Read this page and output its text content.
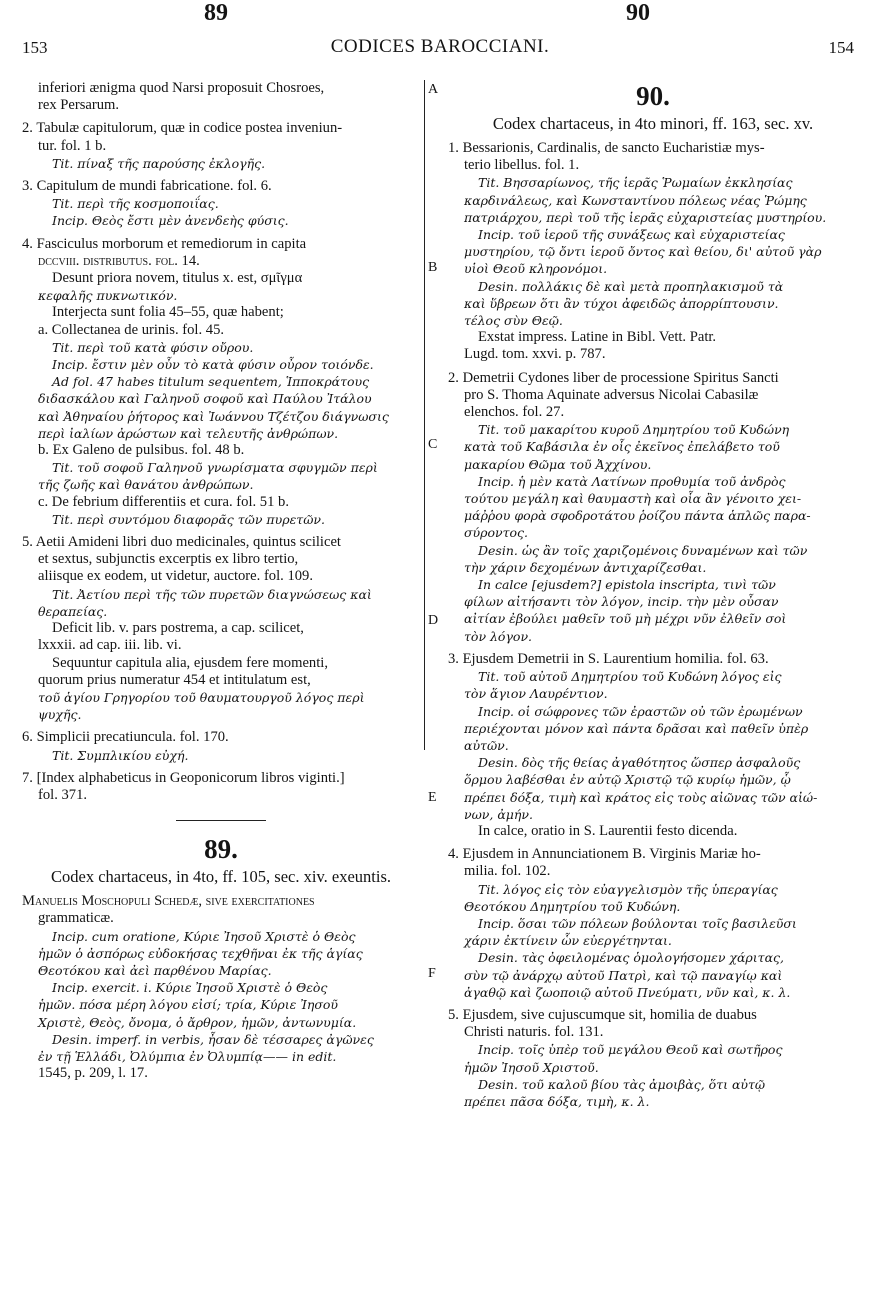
89	90
153	CODICES BAROCCIANI.	154
A
B
C
D
E
F

inferiori ænigma quod Narsi proposuit Chosroes,

rex Persarum.

2. Tabulæ capitulorum, quæ in codice postea inveniun-

tur. fol. 1 b.

Tit. πίναξ τῆς παρούσης ἐκλογῆς.

3. Capitulum de mundi fabricatione. fol. 6.

Tit. περὶ τῆς κοσμοποιΐας.

Incip. Θεὸς ἔστι μὲν ἀνενδεὴς φύσις.

4. Fasciculus morborum et remediorum in capita

dccviii. distributus. fol. 14.

Desunt priora novem, titulus x. est, σμῖγμα

κεφαλῆς πυκνωτικόν.

Interjecta sunt folia 45–55, quæ habent;

a. Collectanea de urinis. fol. 45.

Tit. περὶ τοῦ κατὰ φύσιν οὔρου.

Incip. ἔστιν μὲν οὖν τὸ κατὰ φύσιν οὖρον τοιόνδε.

Ad fol. 47 habes titulum sequentem, Ἱπποκράτους

διδασκάλου καὶ Γαληνοῦ σοφοῦ καὶ Παύλου Ἰτάλου

καὶ Ἀθηναίου ῥήτορος καὶ Ἰωάννου Τζέτζου διάγνωσις

περὶ ἰαλίων ἀρώστων καὶ τελευτῆς ἀνθρώπων.

b. Ex Galeno de pulsibus. fol. 48 b.

Tit. τοῦ σοφοῦ Γαληνοῦ γνωρίσματα σφυγμῶν περὶ

τῆς ζωῆς καὶ θανάτου ἀνθρώπων.

c. De febrium differentiis et cura. fol. 51 b.

Tit. περὶ συντόμου διαφορᾶς τῶν πυρετῶν.

5. Aetii Amideni libri duo medicinales, quintus scilicet

et sextus, subjunctis excerptis ex libro tertio,

aliisque ex eodem, ut videtur, auctore. fol. 109.

Tit. Ἀετίου περὶ τῆς τῶν πυρετῶν διαγνώσεως καὶ

θεραπείας.

Deficit lib. v. pars postrema, a cap. scilicet,

lxxxii. ad cap. iii. lib. vi.

Sequuntur capitula alia, ejusdem fere momenti,

quorum prius numeratur 454 et intitulatum est,

τοῦ ἁγίου Γρηγορίου τοῦ θαυματουργοῦ λόγος περὶ

ψυχῆς.

6. Simplicii precatiuncula. fol. 170.

Tit. Συμπλικίου εὐχή.

7. [Index alphabeticus in Geoponicorum libros viginti.]

fol. 371.

89.

Codex chartaceus, in 4to, ff. 105, sec. xiv. exeuntis.

Manuelis Moschopuli Schedæ, sive exercitationes

grammaticæ.

Incip. cum oratione, Κύριε Ἰησοῦ Χριστὲ ὁ Θεὸς

ἡμῶν ὁ ἀσπόρως εὐδοκήσας τεχθῆναι ἐκ τῆς ἁγίας

Θεοτόκου καὶ ἀεὶ παρθένου Μαρίας.

Incip. exercit. i. Κύριε Ἰησοῦ Χριστὲ ὁ Θεὸς

ἡμῶν. πόσα μέρη λόγου εἰσί; τρία, Κύριε Ἰησοῦ

Χριστὲ, Θεὸς, ὄνομα, ὁ ἄρθρον, ἡμῶν, ἀντωνυμία.

Desin. imperf. in verbis, ἦσαν δὲ τέσσαρες ἀγῶνες

ἐν τῇ Ἑλλάδι, Ὀλύμπια ἐν Ὀλυμπίᾳ—— in edit.

1545, p. 209, l. 17.

90.

Codex chartaceus, in 4to minori, ff. 163, sec. xv.

1. Bessarionis, Cardinalis, de sancto Eucharistiæ mys-

terio libellus. fol. 1.

Tit. Βησσαρίωνος, τῆς ἱερᾶς Ῥωμαίων ἐκκλησίας

καρδινάλεως, καὶ Κωνσταντίνου πόλεως νέας Ῥώμης

πατριάρχου, περὶ τοῦ τῆς ἱερᾶς εὐχαριστείας μυστηρίου.

Incip. τοῦ ἱεροῦ τῆς συνάξεως καὶ εὐχαριστείας

μυστηρίου, τῷ ὄντι ἱεροῦ ὄντος καὶ θείου, δι' αὐτοῦ γὰρ

υἱοὶ Θεοῦ κληρονόμοι.

Desin. πολλάκις δὲ καὶ μετὰ προπηλακισμοῦ τὰ

καὶ ὕβρεων ὅτι ἂν τύχοι ἀφειδῶς ἀπορρίπτουσιν.

τέλος σὺν Θεῷ.

Exstat impress. Latine in Bibl. Vett. Patr.

Lugd. tom. xxvi. p. 787.

2. Demetrii Cydones liber de processione Spiritus Sancti

pro S. Thoma Aquinate adversus Nicolai Cabasilæ

elenchos. fol. 27.

Tit. τοῦ μακαρίτου κυροῦ Δημητρίου τοῦ Κυδώνη

κατὰ τοῦ Καβάσιλα ἐν οἷς ἐκεῖνος ἐπελάβετο τοῦ

μακαρίου Θῶμα τοῦ Ἀχχίνου.

Incip. ἡ μὲν κατὰ Λατίνων προθυμία τοῦ ἀνδρὸς

τούτου μεγάλη καὶ θαυμαστὴ καὶ οἷα ἂν γένοιτο χει-

μάῤῥου φορὰ σφοδροτάτου ῥοίζου πάντα ἁπλῶς παρα-

σύροντος.

Desin. ὡς ἂν τοῖς χαριζομένοις δυναμένων καὶ τῶν

τὴν χάριν δεχομένων ἀντιχαρίζεσθαι.

In calce [ejusdem?] epistola inscripta, τινὶ τῶν

φίλων αἰτήσαντι τὸν λόγον, incip. τὴν μὲν οὖσαν

αἰτίαν ἐβούλει μαθεῖν τοῦ μὴ μέχρι νῦν ἐλθεῖν σοὶ

τὸν λόγον.

3. Ejusdem Demetrii in S. Laurentium homilia. fol. 63.

Tit. τοῦ αὐτοῦ Δημητρίου τοῦ Κυδώνη λόγος εἰς

τὸν ἅγιον Λαυρέντιον.

Incip. οἱ σώφρονες τῶν ἐραστῶν οὐ τῶν ἐρωμένων

περιέχονται μόνον καὶ πάντα δρᾶσαι καὶ παθεῖν ὑπὲρ

αὐτῶν.

Desin. δὸς τῆς θείας ἀγαθότητος ὥσπερ ἀσφαλοῦς

ὅρμου λαβέσθαι ἐν αὐτῷ Χριστῷ τῷ κυρίῳ ἡμῶν, ᾧ

πρέπει δόξα, τιμὴ καὶ κράτος εἰς τοὺς αἰῶνας τῶν αἰώ-

νων, ἀμήν.

In calce, oratio in S. Laurentii festo dicenda.

4. Ejusdem in Annunciationem B. Virginis Mariæ ho-

milia. fol. 102.

Tit. λόγος εἰς τὸν εὐαγγελισμὸν τῆς ὑπεραγίας

Θεοτόκου Δημητρίου τοῦ Κυδώνη.

Incip. ὅσαι τῶν πόλεων βούλονται τοῖς βασιλεῦσι

χάριν ἐκτίνειν ὧν εὐεργέτηνται.

Desin. τὰς ὀφειλομένας ὁμολογήσομεν χάριτας,

σὺν τῷ ἀνάρχῳ αὐτοῦ Πατρὶ, καὶ τῷ παναγίῳ καὶ

ἀγαθῷ καὶ ζωοποιῷ αὐτοῦ Πνεύματι, νῦν καὶ, κ. λ.

5. Ejusdem, sive cujuscumque sit, homilia de duabus

Christi naturis. fol. 131.

Incip. τοῖς ὑπὲρ τοῦ μεγάλου Θεοῦ καὶ σωτῆρος

ἡμῶν Ἰησοῦ Χριστοῦ.

Desin. τοῦ καλοῦ βίου τὰς ἀμοιβὰς, ὅτι αὐτῷ

πρέπει πᾶσα δόξα, τιμὴ, κ. λ.
